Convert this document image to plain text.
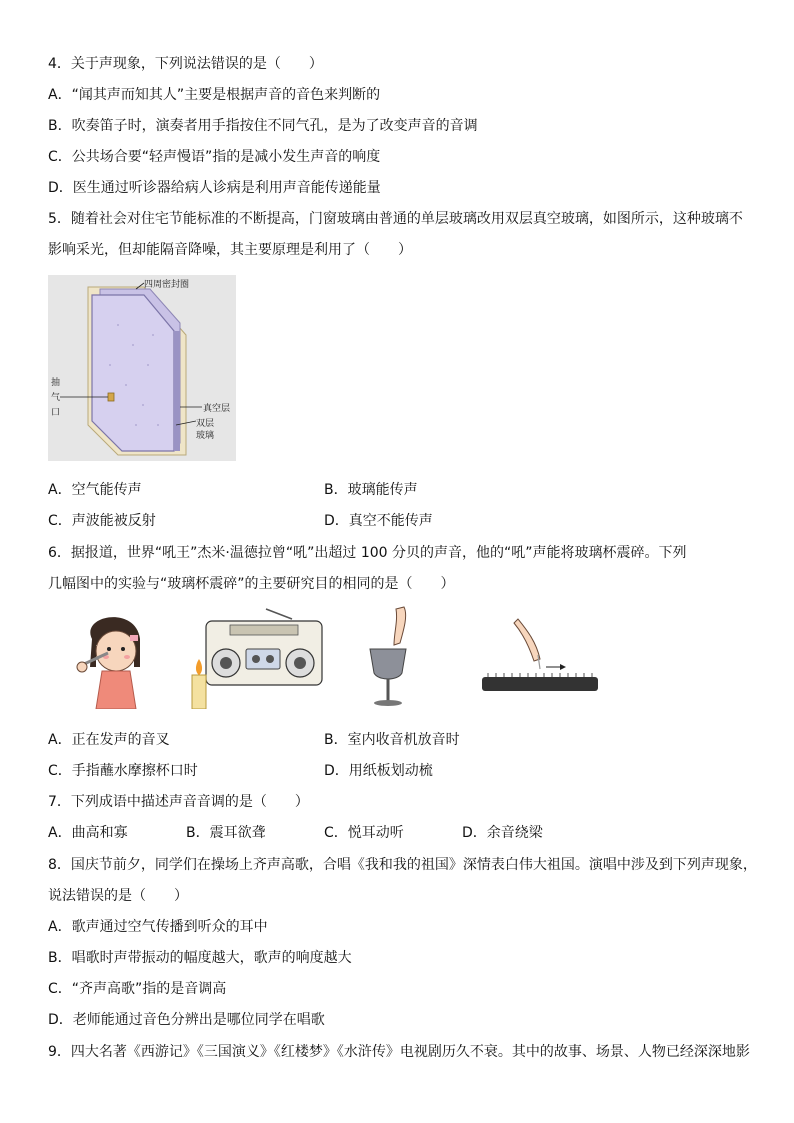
4．关于声现象，下列说法错误的是（　　）
A．“闻其声而知其人”主要是根据声音的音色来判断的
B．吹奏笛子时，演奏者用手指按住不同气孔，是为了改变声音的音调
C．公共场合要“轻声慢语”指的是减小发生声音的响度
D．医生通过听诊器给病人诊病是利用声音能传递能量
5．随着社会对住宅节能标准的不断提高，门窗玻璃由普通的单层玻璃改用双层真空玻璃，如图所示，这种玻璃不
影响采光，但却能隔音降噪，其主要原理是利用了（　　）
四周密封圈
真空层
双层
玻璃
抽
气
口
A．空气能传声	B．玻璃能传声
C．声波能被反射	D．真空不能传声
6．据报道，世界“吼王”杰米·温德拉曾“吼”出超过 100 分贝的声音，他的“吼”声能将玻璃杯震碎。下列
几幅图中的实验与“玻璃杯震碎”的主要研究目的相同的是（　　）
A．正在发声的音叉	B．室内收音机放音时
C．手指蘸水摩擦杯口时	D．用纸板划动梳
7．下列成语中描述声音音调的是（　　）
A．曲高和寡	B．震耳欲聋	C．悦耳动听	D．余音绕梁
8．国庆节前夕，同学们在操场上齐声高歌，合唱《我和我的祖国》深情表白伟大祖国。演唱中涉及到下列声现象，
说法错误的是（　　）
A．歌声通过空气传播到听众的耳中
B．唱歌时声带振动的幅度越大，歌声的响度越大
C．“齐声高歌”指的是音调高
D．老师能通过音色分辨出是哪位同学在唱歌
9．四大名著《西游记》《三国演义》《红楼梦》《水浒传》电视剧历久不衰。其中的故事、场景、人物已经深深地影
